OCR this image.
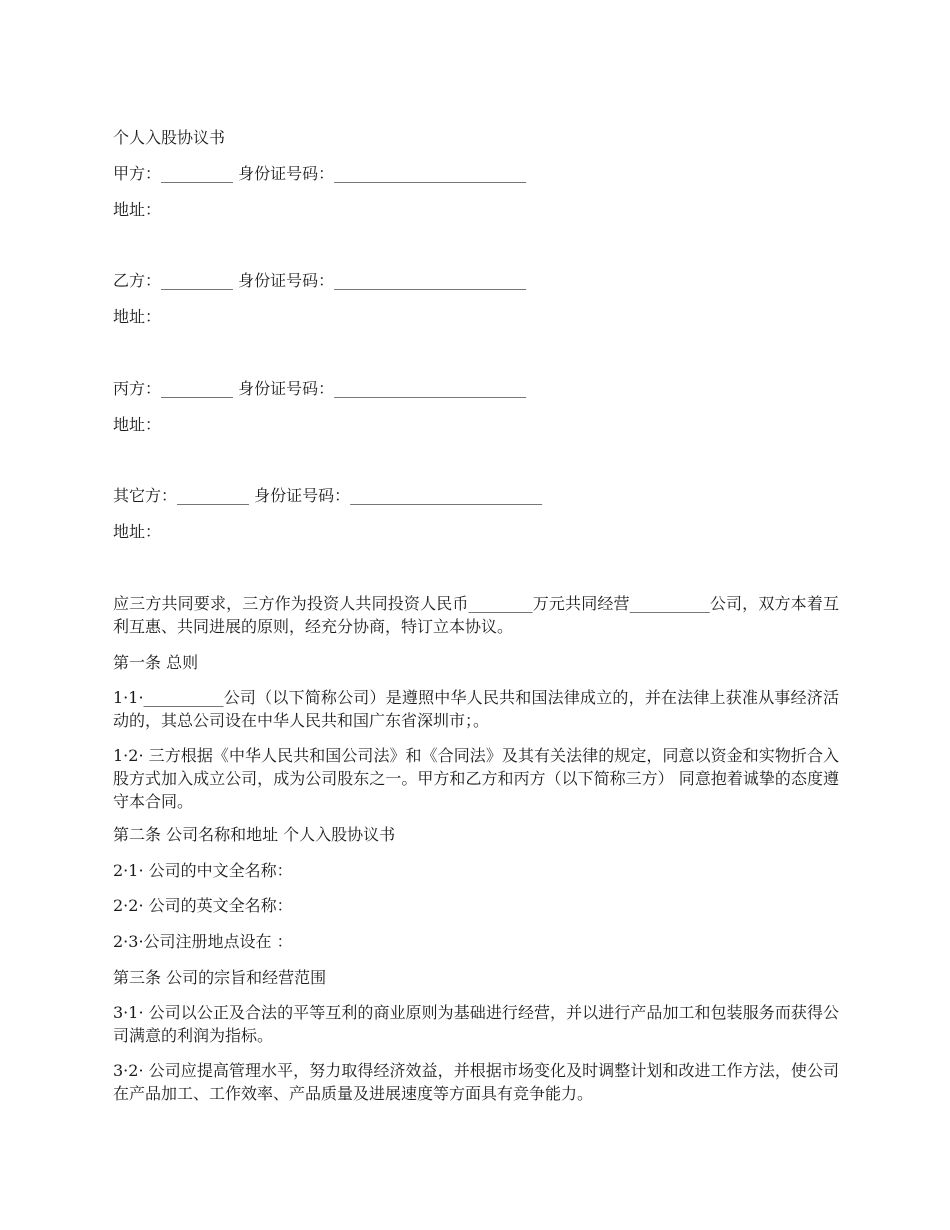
个人入股协议书
甲方：_________ 身份证号码：________________________
地址：
乙方：_________ 身份证号码：________________________
地址：
丙方：_________ 身份证号码：________________________
地址：
其它方：_________ 身份证号码：________________________
地址：
应三方共同要求，三方作为投资人共同投资人民币________万元共同经营__________公司，双方本着互利互惠、共同进展的原则，经充分协商，特订立本协议。
第一条 总则
1·1·__________公司（以下简称公司）是遵照中华人民共和国法律成立的，并在法律上获准从事经济活动的，其总公司设在中华人民共和国广东省深圳市；。
1·2· 三方根据《中华人民共和国公司法》和《合同法》及其有关法律的规定，同意以资金和实物折合入股方式加入成立公司，成为公司股东之一。甲方和乙方和丙方（以下简称三方） 同意抱着诚挚的态度遵守本合同。
第二条 公司名称和地址 个人入股协议书
2·1· 公司的中文全名称：
2·2· 公司的英文全名称：
2·3·公司注册地点设在 ：
第三条 公司的宗旨和经营范围
3·1· 公司以公正及合法的平等互利的商业原则为基础进行经营，并以进行产品加工和包装服务而获得公司满意的利润为指标。
3·2· 公司应提高管理水平，努力取得经济效益，并根据市场变化及时调整计划和改进工作方法，使公司在产品加工、工作效率、产品质量及进展速度等方面具有竞争能力。
